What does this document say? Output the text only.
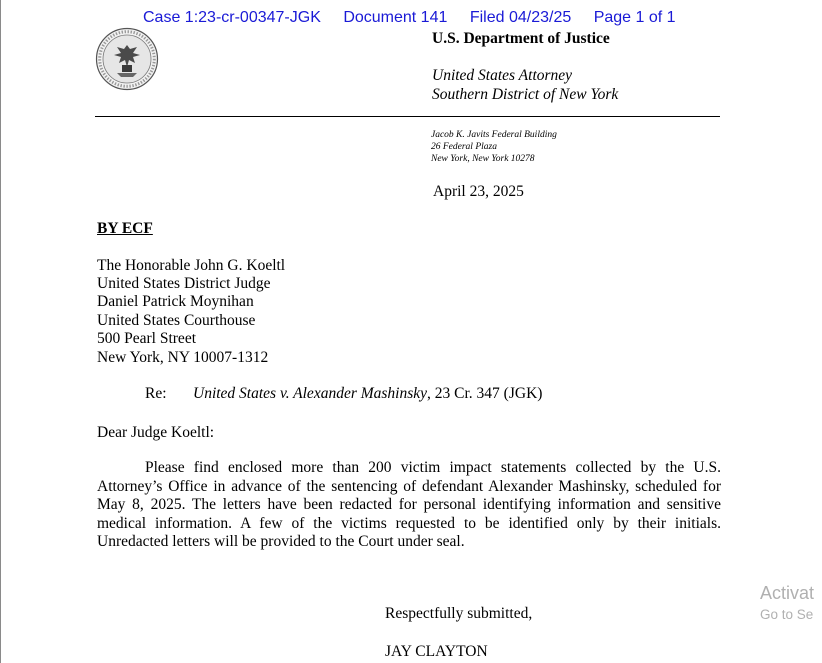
Case 1:23-cr-00347-JGK Document 141 Filed 04/23/25 Page 1 of 1
U.S. Department of Justice
United States Attorney
Southern District of New York
Jacob K. Javits Federal Building
26 Federal Plaza
New York, New York 10278
April 23, 2025
BY ECF
The Honorable John G. Koeltl
United States District Judge
Daniel Patrick Moynihan
United States Courthouse
500 Pearl Street
New York, NY 10007-1312
Re: United States v. Alexander Mashinsky, 23 Cr. 347 (JGK)
Dear Judge Koeltl:

Please find enclosed more than 200 victim impact statements collected by the U.S. Attorney’s Office in advance of the sentencing of defendant Alexander Mashinsky, scheduled for May 8, 2025. The letters have been redacted for personal identifying information and sensitive medical information. A few of the victims requested to be identified only by their initials. Unredacted letters will be provided to the Court under seal.

Activat
Go to Se
Respectfully submitted,
JAY CLAYTON
